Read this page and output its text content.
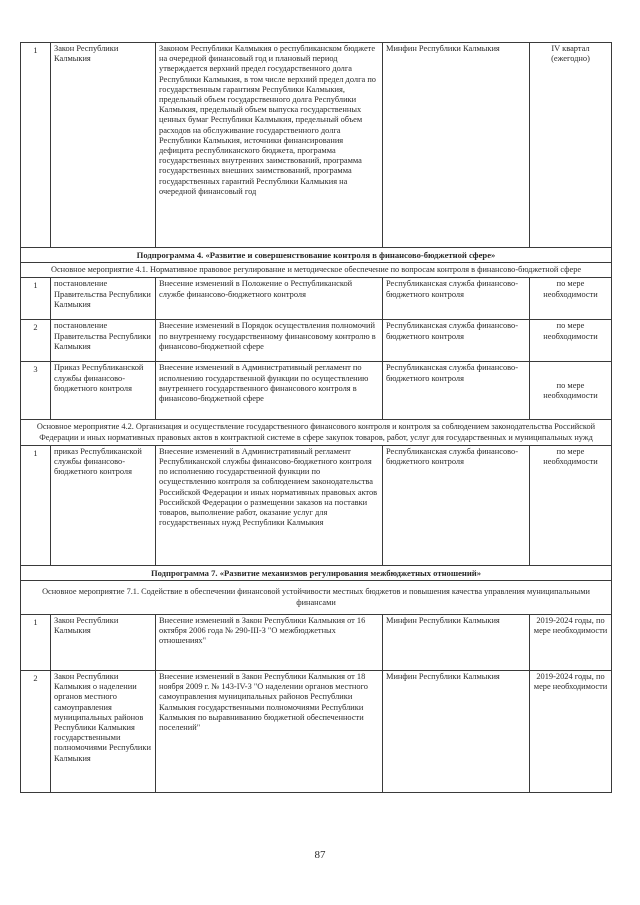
1	Закон Республики Калмыкия	Законом Республики Калмыкия о республиканском бюджете на очередной финансовый год и плановый период утверждается верхний предел государственного долга Республики Калмыкия, в том числе верхний предел долга по государственным гарантиям Республики Калмыкия, предельный объем государственного долга Республики Калмыкия, предельный объем выпуска государственных ценных бумаг Республики Калмыкия, предельный объем расходов на обслуживание государственного долга Республики Калмыкия, источники финансирования дефицита республиканского бюджета, программа государственных внутренних заимствований, программа государственных внешних заимствований, программа государственных гарантий Республики Калмыкия на очередной финансовый год	Минфин Республики Калмыкия	IV квартал (ежегодно)
Подпрограмма 4. «Развитие и совершенствование контроля в финансово-бюджетной сфере»				
Основное мероприятие 4.1. Нормативное правовое регулирование и методическое обеспечение по вопросам контроля в финансово-бюджетной сфере				
1	постановление Правительства Республики Калмыкия	Внесение изменений в Положение о Республиканской службе финансово-бюджетного контроля	Республиканская служба финансово-бюджетного контроля	по мере необходимости
2	постановление Правительства Республики Калмыкия	Внесение изменений в Порядок осуществления полномочий по внутреннему государственному финансовому контролю в финансово-бюджетной сфере	Республиканская служба финансово-бюджетного контроля	по мере необходимости
3	Приказ Республиканской службы финансово-бюджетного контроля	Внесение изменений в Административный регламент по исполнению государственной функции по осуществлению внутреннего государственного финансового контроля в финансово-бюджетной сфере	Республиканская служба финансово-бюджетного контроля	по мере необходимости
Основное мероприятие 4.2. Организация и осуществление государственного финансового контроля и контроля за соблюдением законодательства Российской Федерации и иных нормативных правовых актов в контрактной системе в сфере закупок товаров, работ, услуг для государственных и муниципальных нужд				
1	приказ Республиканской службы финансово-бюджетного контроля	Внесение изменений в Административный регламент Республиканской службы финансово-бюджетного контроля по исполнению государственной функции по осуществлению контроля за соблюдением законодательства Российской Федерации и иных нормативных правовых актов Российской Федерации о размещении заказов на поставки товаров, выполнение работ, оказание услуг для государственных нужд Республики Калмыкия	Республиканская служба финансово-бюджетного контроля	по мере необходимости
Подпрограмма 7. «Развитие механизмов регулирования межбюджетных отношений»				
Основное мероприятие 7.1. Содействие в обеспечении финансовой устойчивости местных бюджетов и повышения качества управления муниципальными финансами				
1	Закон Республики Калмыкия	Внесение изменений в Закон Республики Калмыкия от 16 октября 2006 года № 290-III-З "О межбюджетных отношениях"	Минфин Республики Калмыкия	2019-2024 годы, по мере необходимости
2	Закон Республики Калмыкия о наделении органов местного самоуправления муниципальных районов Республики Калмыкия государственными полномочиями Республики Калмыкия	Внесение изменений в Закон Республики Калмыкия от 18 ноября 2009 г. № 143-IV-З "О наделении органов местного самоуправления муниципальных районов Республики Калмыкия государственными полномочиями Республики Калмыкия по выравниванию бюджетной обеспеченности поселений"	Минфин Республики Калмыкия	2019-2024 годы, по мере необходимости
87
